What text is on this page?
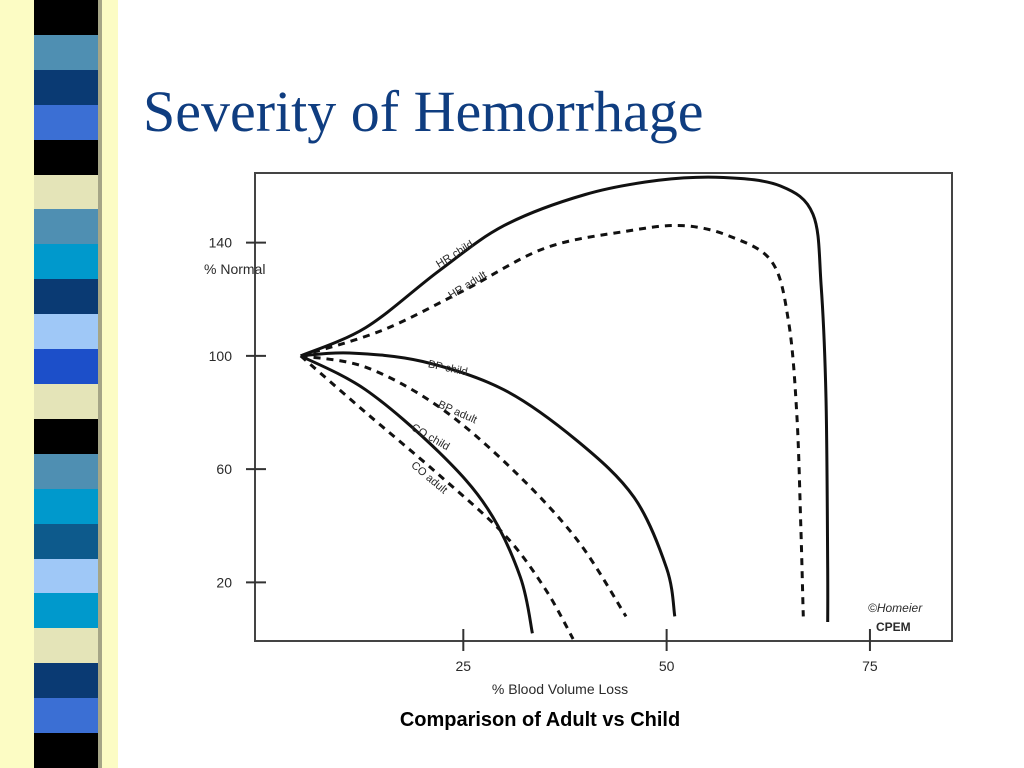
Severity of Hemorrhage
% Normal
% Blood Volume Loss
140
100
60
20
25	50	75
HR child
HR adult
BP child
BP adult
CO child
CO adult
©Homeier
CPEM
Comparison of Adult vs Child
